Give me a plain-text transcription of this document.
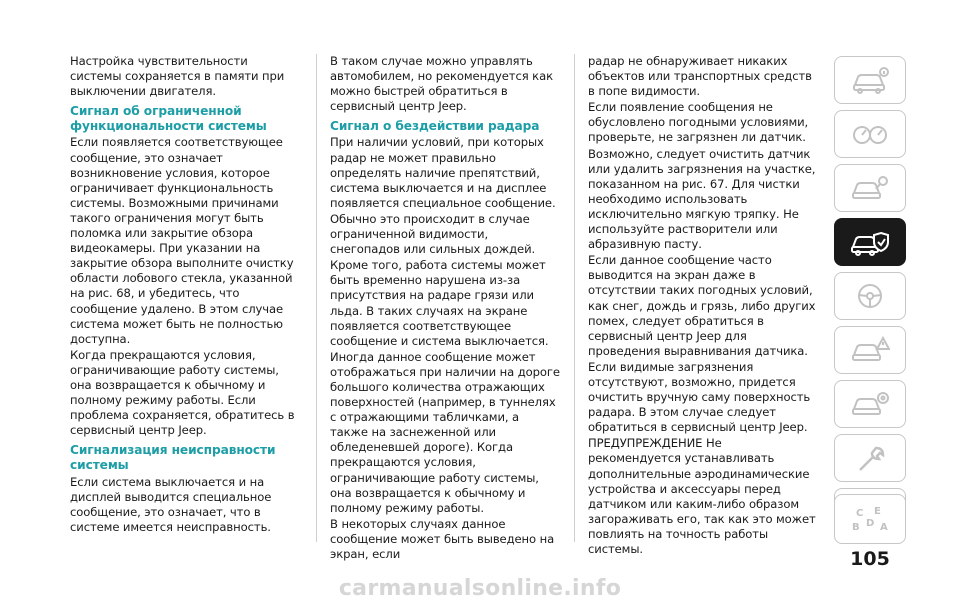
Настройка чувствительности системы сохраняется в памяти при выключении двигателя.

Сигнал об ограниченной функциональности системы

Если появляется соответствующее сообщение, это означает возникновение условия, которое ограничивает функциональность системы. Возможными причинами такого ограничения могут быть поломка или закрытие обзора видеокамеры. При указании на закрытие обзора выполните очистку области лобового стекла, указанной на рис. 68, и убедитесь, что сообщение удалено. В этом случае система может быть не полностью доступна.

Когда прекращаются условия, ограничивающие работу системы, она возвращается к обычному и полному режиму работы. Если проблема сохраняется, обратитесь в сервисный центр Jeep.

Сигнализация неисправности системы

Если система выключается и на дисплей выводится специальное сообщение, это означает, что в системе имеется неисправность.

В таком случае можно управлять автомобилем, но рекомендуется как можно быстрей обратиться в сервисный центр Jeep.

Сигнал о бездействии радара

При наличии условий, при которых радар не может правильно определять наличие препятствий, система выключается и на дисплее появляется специальное сообщение.

Обычно это происходит в случае ограниченной видимости, снегопадов или сильных дождей.

Кроме того, работа системы может быть временно нарушена из-за присутствия на радаре грязи или льда. В таких случаях на экране появляется соответствующее сообщение и система выключается.

Иногда данное сообщение может отображаться при наличии на дороге большого количества отражающих поверхностей (например, в туннелях с отражающими табличками, а также на заснеженной или обледеневшей дороге). Когда прекращаются условия, ограничивающие работу системы, она возвращается к обычному и полному режиму работы.

В некоторых случаях данное сообщение может быть выведено на экран, если

радар не обнаруживает никаких объектов или транспортных средств в попе видимости.

Если появление сообщения не обусловлено погодными условиями, проверьте, не загрязнен ли датчик.

Возможно, следует очистить датчик или удалить загрязнения на участке, показанном на рис. 67. Для чистки необходимо использовать исключительно мягкую тряпку. Не используйте растворители или абразивную пасту.

Если данное сообщение часто выводится на экран даже в отсутствии таких погодных условий, как снег, дождь и грязь, либо других помех, следует обратиться в сервисный центр Jeep для проведения выравнивания датчика.

Если видимые загрязнения отсутствуют, возможно, придется очистить вручную саму поверхность радара. В этом случае следует обратиться в сервисный центр Jeep.

ПРЕДУПРЕЖДЕНИЕ Не рекомендуется устанавливать дополнительные аэродинамические устройства и аксессуары перед датчиком или каким-либо образом загораживать его, так как это может повлиять на точность работы системы.

C E
B D A
105
carmanualsonline.info
